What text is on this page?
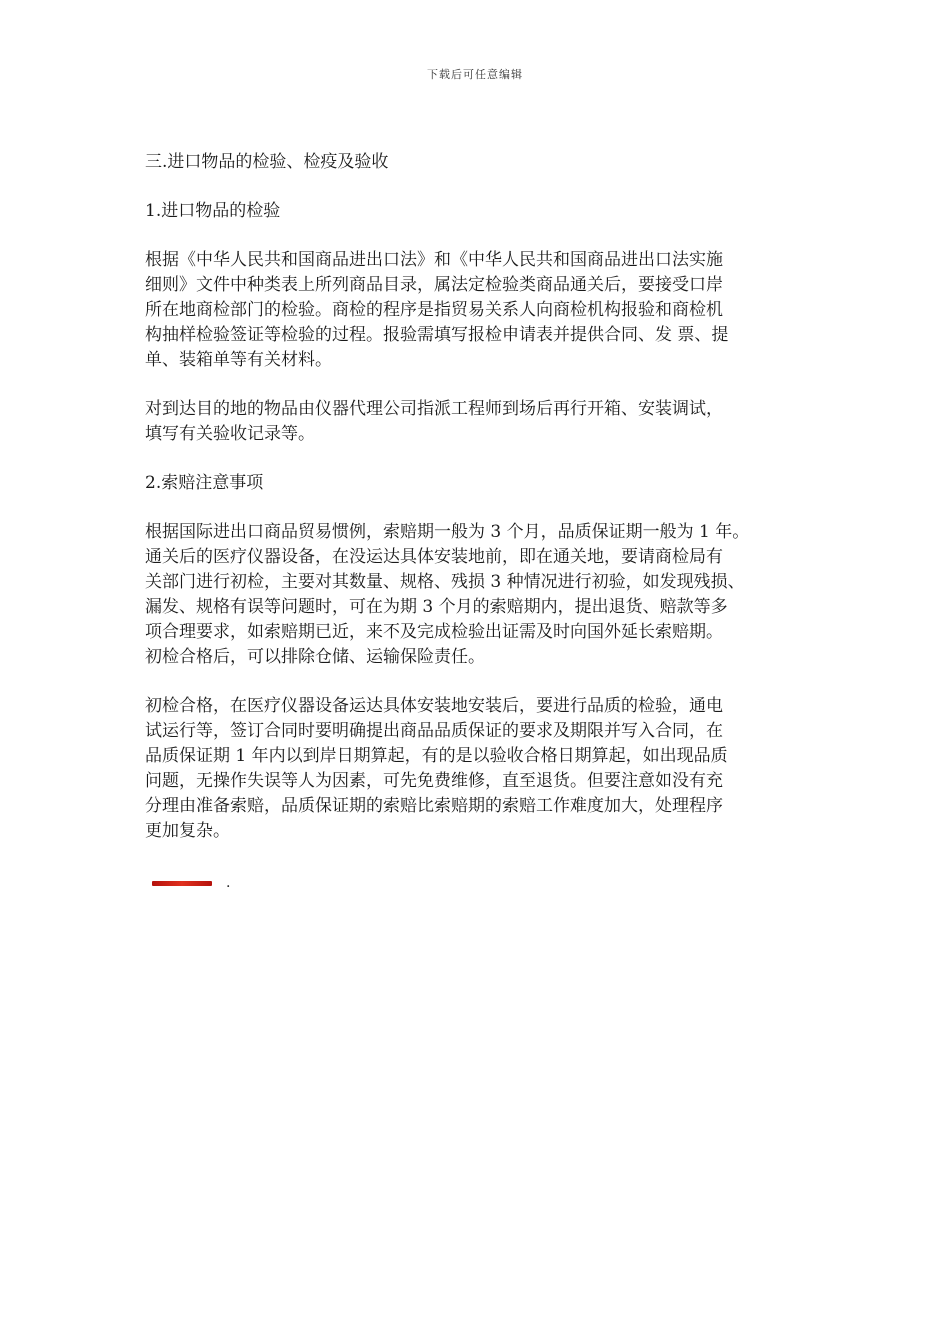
下载后可任意编辑

三.进口物品的检验、检疫及验收

1.进口物品的检验

根据《中华人民共和国商品进出口法》和《中华人民共和国商品进出口法实施

细则》文件中种类表上所列商品目录，属法定检验类商品通关后，要接受口岸

所在地商检部门的检验。商检的程序是指贸易关系人向商检机构报验和商检机

构抽样检验签证等检验的过程。报验需填写报检申请表并提供合同、发 票、提

单、装箱单等有关材料。

对到达目的地的物品由仪器代理公司指派工程师到场后再行开箱、安装调试，

填写有关验收记录等。

2.索赔注意事项

根据国际进出口商品贸易惯例，索赔期一般为 3 个月，品质保证期一般为 1 年。

通关后的医疗仪器设备，在没运达具体安装地前，即在通关地，要请商检局有

关部门进行初检，主要对其数量、规格、残损 3 种情况进行初验，如发现残损、

漏发、规格有误等问题时，可在为期 3 个月的索赔期内，提出退货、赔款等多

项合理要求，如索赔期已近，来不及完成检验出证需及时向国外延长索赔期。

初检合格后，可以排除仓储、运输保险责任。

初检合格，在医疗仪器设备运达具体安装地安装后，要进行品质的检验，通电

试运行等，签订合同时要明确提出商品品质保证的要求及期限并写入合同，在

品质保证期 1 年内以到岸日期算起，有的是以验收合格日期算起，如出现品质

问题，无操作失误等人为因素，可先免费维修，直至退货。但要注意如没有充

分理由准备索赔，品质保证期的索赔比索赔期的索赔工作难度加大，处理程序

更加复杂。

.
